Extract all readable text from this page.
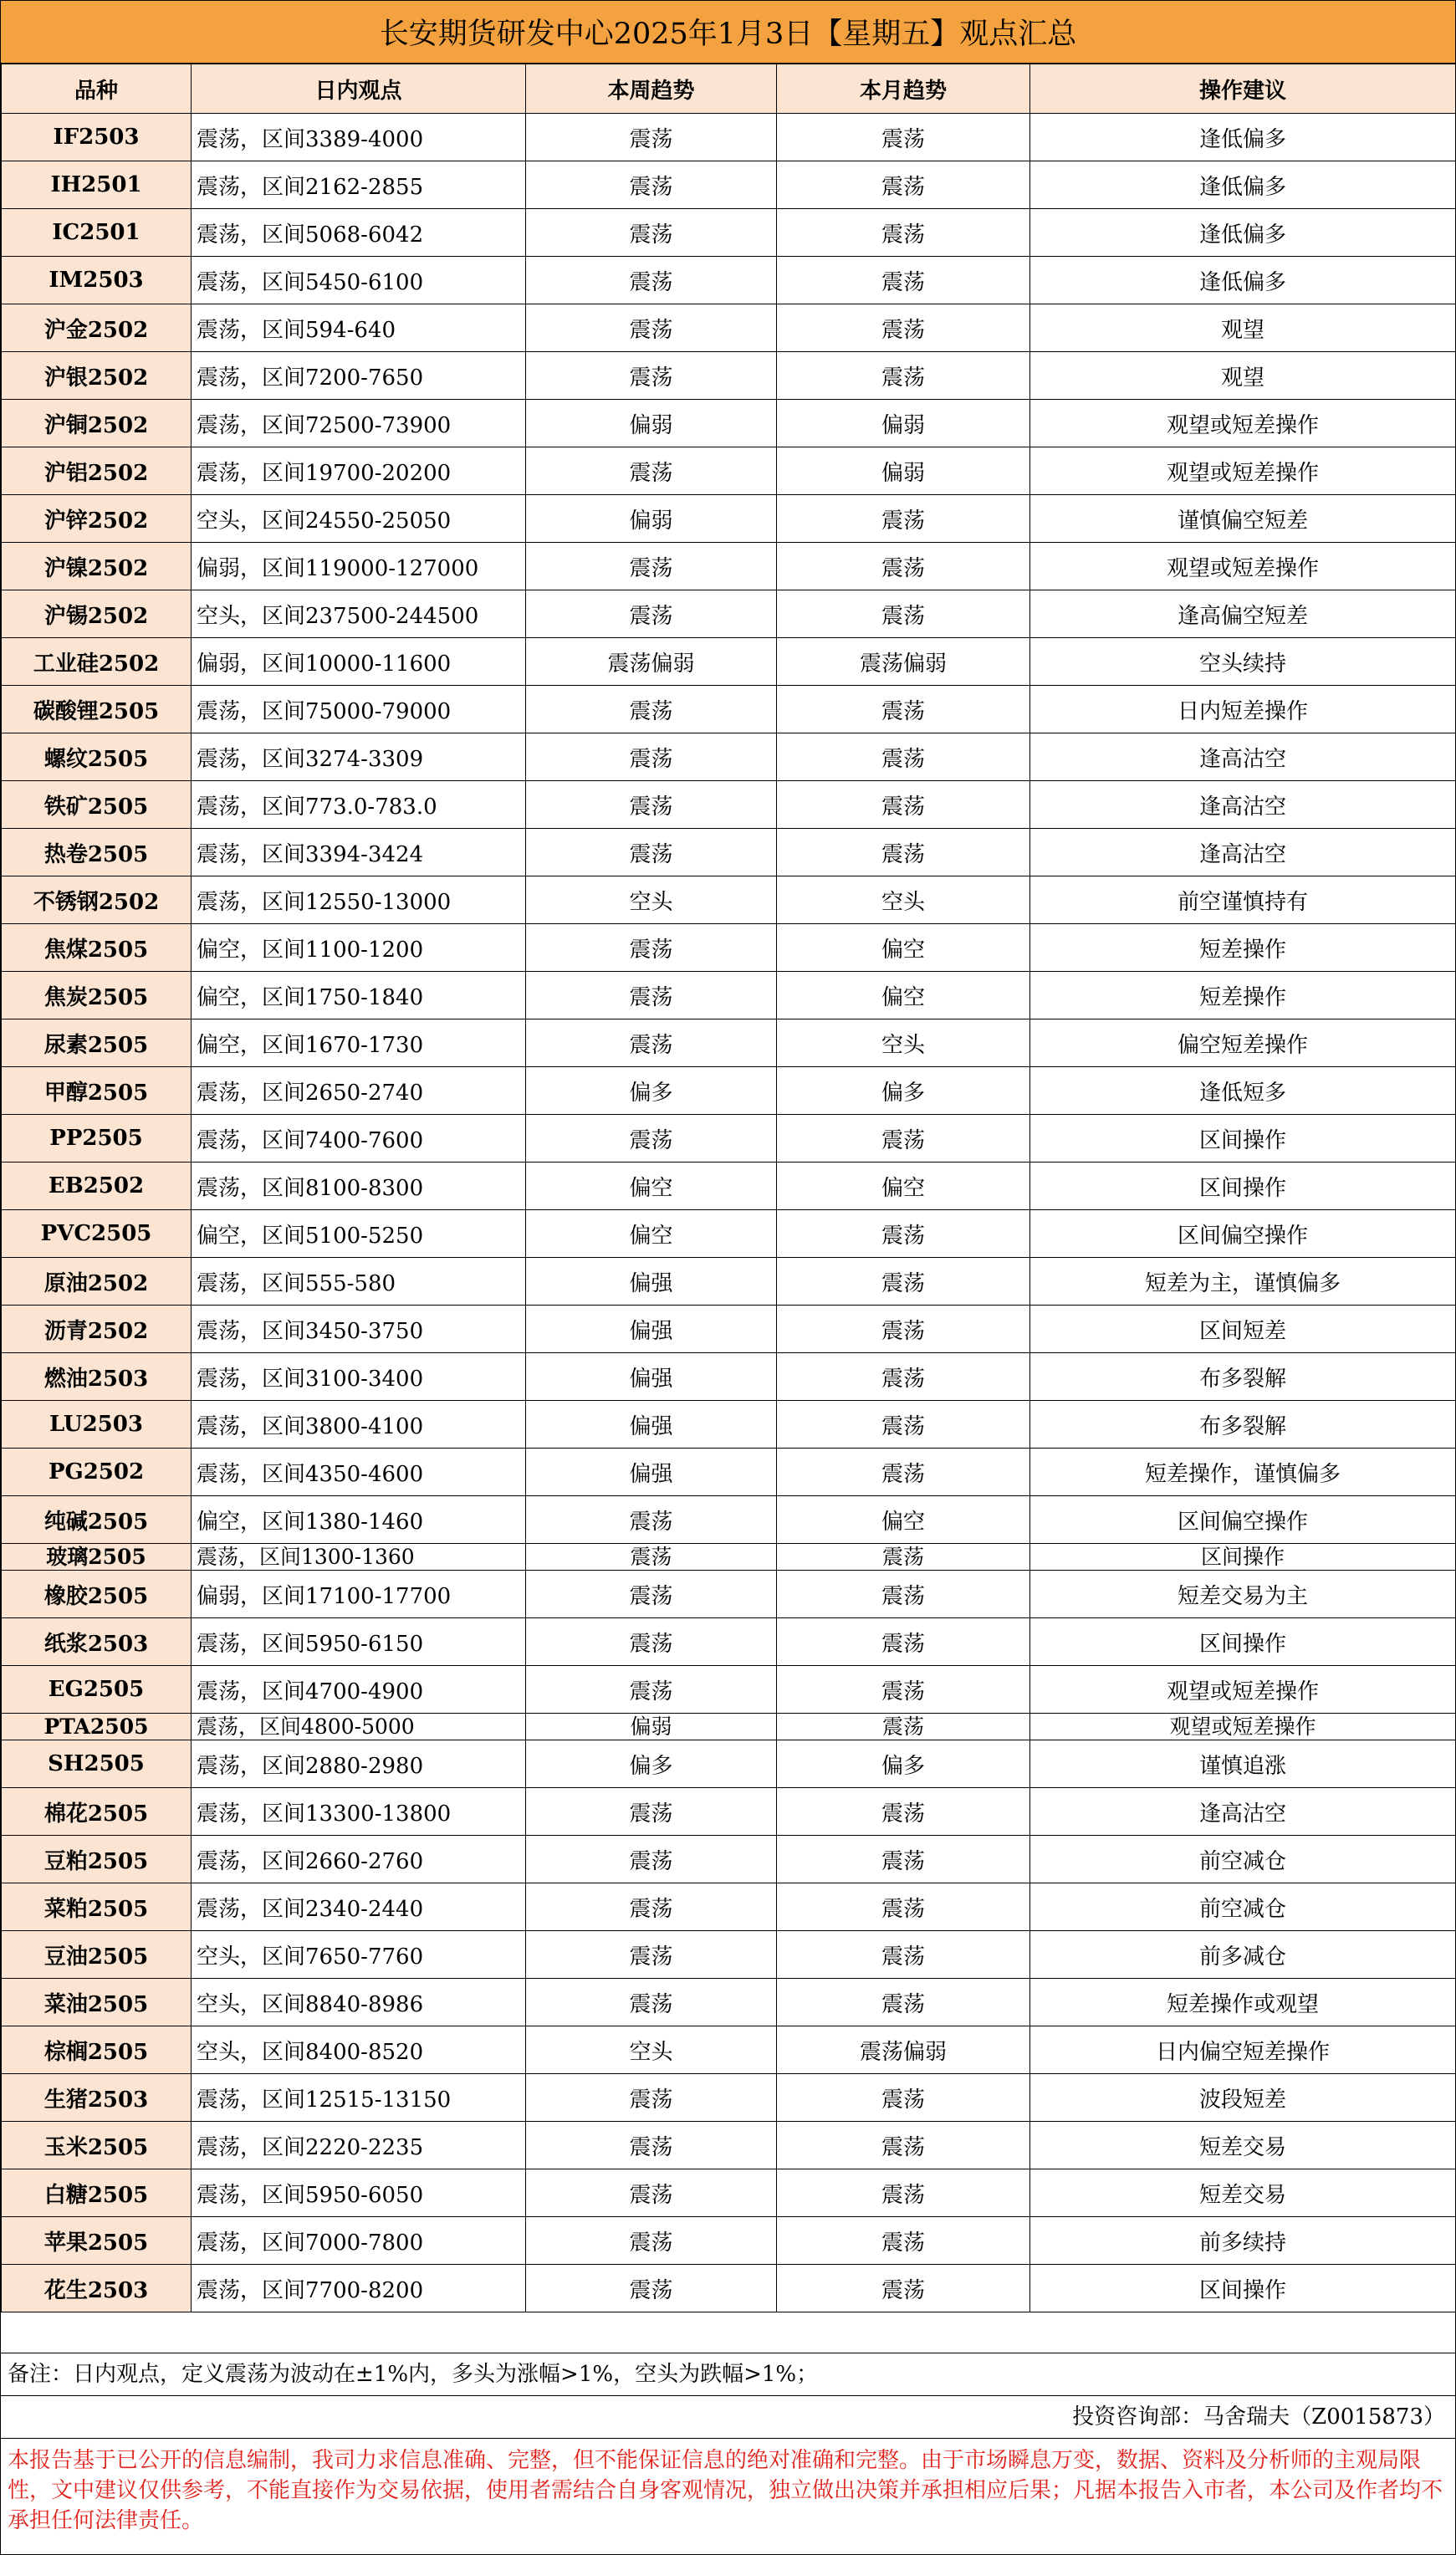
长安期货研发中心2025年1月3日【星期五】观点汇总
品种	日内观点	本周趋势	本月趋势	操作建议
IF2503	震荡，区间3389-4000	震荡	震荡	逢低偏多
IH2501	震荡，区间2162-2855	震荡	震荡	逢低偏多
IC2501	震荡，区间5068-6042	震荡	震荡	逢低偏多
IM2503	震荡，区间5450-6100	震荡	震荡	逢低偏多
沪金2502	震荡，区间594-640	震荡	震荡	观望
沪银2502	震荡，区间7200-7650	震荡	震荡	观望
沪铜2502	震荡，区间72500-73900	偏弱	偏弱	观望或短差操作
沪铝2502	震荡，区间19700-20200	震荡	偏弱	观望或短差操作
沪锌2502	空头，区间24550-25050	偏弱	震荡	谨慎偏空短差
沪镍2502	偏弱，区间119000-127000	震荡	震荡	观望或短差操作
沪锡2502	空头，区间237500-244500	震荡	震荡	逢高偏空短差
工业硅2502	偏弱，区间10000-11600	震荡偏弱	震荡偏弱	空头续持
碳酸锂2505	震荡，区间75000-79000	震荡	震荡	日内短差操作
螺纹2505	震荡，区间3274-3309	震荡	震荡	逢高沽空
铁矿2505	震荡，区间773.0-783.0	震荡	震荡	逢高沽空
热卷2505	震荡，区间3394-3424	震荡	震荡	逢高沽空
不锈钢2502	震荡，区间12550-13000	空头	空头	前空谨慎持有
焦煤2505	偏空，区间1100-1200	震荡	偏空	短差操作
焦炭2505	偏空，区间1750-1840	震荡	偏空	短差操作
尿素2505	偏空，区间1670-1730	震荡	空头	偏空短差操作
甲醇2505	震荡，区间2650-2740	偏多	偏多	逢低短多
PP2505	震荡，区间7400-7600	震荡	震荡	区间操作
EB2502	震荡，区间8100-8300	偏空	偏空	区间操作
PVC2505	偏空，区间5100-5250	偏空	震荡	区间偏空操作
原油2502	震荡，区间555-580	偏强	震荡	短差为主，谨慎偏多
沥青2502	震荡，区间3450-3750	偏强	震荡	区间短差
燃油2503	震荡，区间3100-3400	偏强	震荡	布多裂解
LU2503	震荡，区间3800-4100	偏强	震荡	布多裂解
PG2502	震荡，区间4350-4600	偏强	震荡	短差操作，谨慎偏多
纯碱2505	偏空，区间1380-1460	震荡	偏空	区间偏空操作
玻璃2505	震荡，区间1300-1360	震荡	震荡	区间操作
橡胶2505	偏弱，区间17100-17700	震荡	震荡	短差交易为主
纸浆2503	震荡，区间5950-6150	震荡	震荡	区间操作
EG2505	震荡，区间4700-4900	震荡	震荡	观望或短差操作
PTA2505	震荡，区间4800-5000	偏弱	震荡	观望或短差操作
SH2505	震荡，区间2880-2980	偏多	偏多	谨慎追涨
棉花2505	震荡，区间13300-13800	震荡	震荡	逢高沽空
豆粕2505	震荡，区间2660-2760	震荡	震荡	前空减仓
菜粕2505	震荡，区间2340-2440	震荡	震荡	前空减仓
豆油2505	空头，区间7650-7760	震荡	震荡	前多减仓
菜油2505	空头，区间8840-8986	震荡	震荡	短差操作或观望
棕榈2505	空头，区间8400-8520	空头	震荡偏弱	日内偏空短差操作
生猪2503	震荡，区间12515-13150	震荡	震荡	波段短差
玉米2505	震荡，区间2220-2235	震荡	震荡	短差交易
白糖2505	震荡，区间5950-6050	震荡	震荡	短差交易
苹果2505	震荡，区间7000-7800	震荡	震荡	前多续持
花生2503	震荡，区间7700-8200	震荡	震荡	区间操作
备注：日内观点，定义震荡为波动在±1%内，多头为涨幅>1%，空头为跌幅>1%；
投资咨询部：马舍瑞夫（Z0015873）
本报告基于已公开的信息编制，我司力求信息准确、完整，但不能保证信息的绝对准确和完整。由于市场瞬息万变，数据、资料及分析师的主观局限性，文中建议仅供参考，不能直接作为交易依据，使用者需结合自身客观情况，独立做出决策并承担相应后果；凡据本报告入市者，本公司及作者均不承担任何法律责任。
